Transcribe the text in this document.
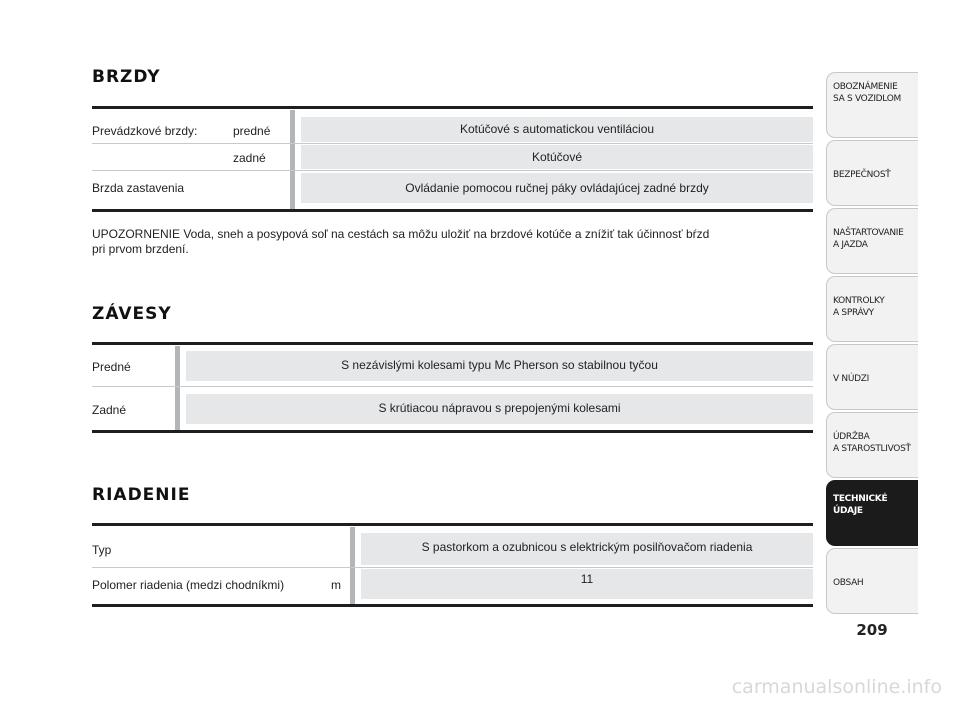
BRZDY
Prevádzkové brzdy:	predné
zadné
Brzda zastavenia
Kotúčové s automatickou ventiláciou
Kotúčové
Ovládanie pomocou ručnej páky ovládajúcej zadné brzdy
UPOZORNENIE Voda, sneh a posypová soľ na cestách sa môžu uložiť na brzdové kotúče a znížiť tak účinnosť bŕzd
pri prvom brzdení.
ZÁVESY
Predné
Zadné
S nezávislými kolesami typu Mc Pherson so stabilnou tyčou
S krútiacou nápravou s prepojenými kolesami
RIADENIE
Typ
Polomer riadenia (medzi chodníkmi)	m
S pastorkom a ozubnicou s elektrickým posilňovačom riadenia
11
OBOZNÁMENIE
SA S VOZIDLOM
BEZPEČNOSŤ
NAŠTARTOVANIE
A JAZDA
KONTROLKY
A SPRÁVY
V NÚDZI
ÚDRŽBA
A STAROSTLIVOSŤ
TECHNICKÉ
ÚDAJE
OBSAH
209
carmanualsonline.info
